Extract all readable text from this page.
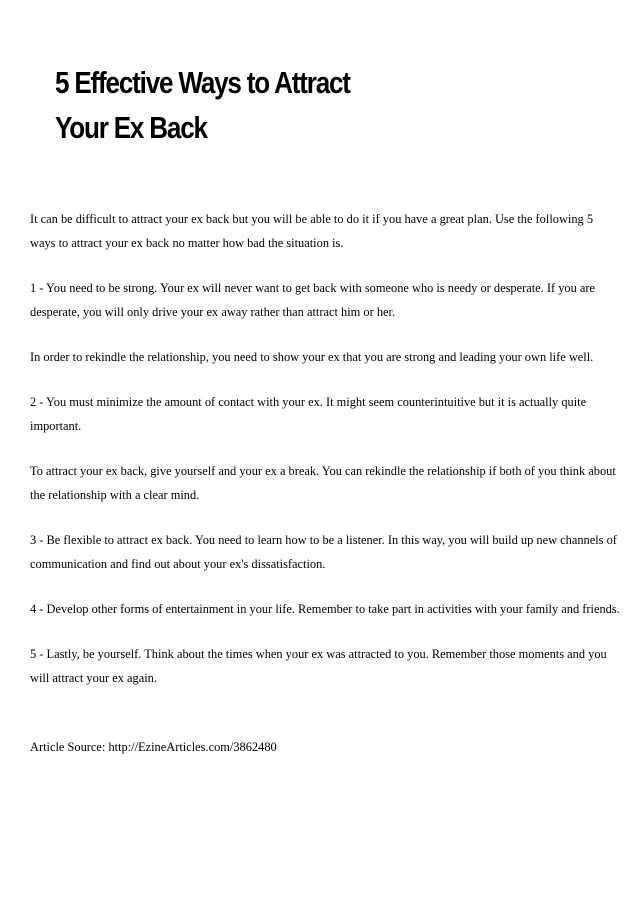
5 Effective Ways to Attract
Your Ex Back

It can be difficult to attract your ex back but you will be able to do it if you have a great plan. Use the following 5 ways to attract your ex back no matter how bad the situation is.

1 - You need to be strong. Your ex will never want to get back with someone who is needy or desperate. If you are desperate, you will only drive your ex away rather than attract him or her.

In order to rekindle the relationship, you need to show your ex that you are strong and leading your own life well.

2 - You must minimize the amount of contact with your ex. It might seem counterintuitive but it is actually quite important.

To attract your ex back, give yourself and your ex a break. You can rekindle the relationship if both of you think about the relationship with a clear mind.

3 - Be flexible to attract ex back. You need to learn how to be a listener. In this way, you will build up new channels of communication and find out about your ex's dissatisfaction.

4 - Develop other forms of entertainment in your life. Remember to take part in activities with your family and friends.

5 - Lastly, be yourself. Think about the times when your ex was attracted to you. Remember those moments and you will attract your ex again.

Article Source: http://EzineArticles.com/3862480
